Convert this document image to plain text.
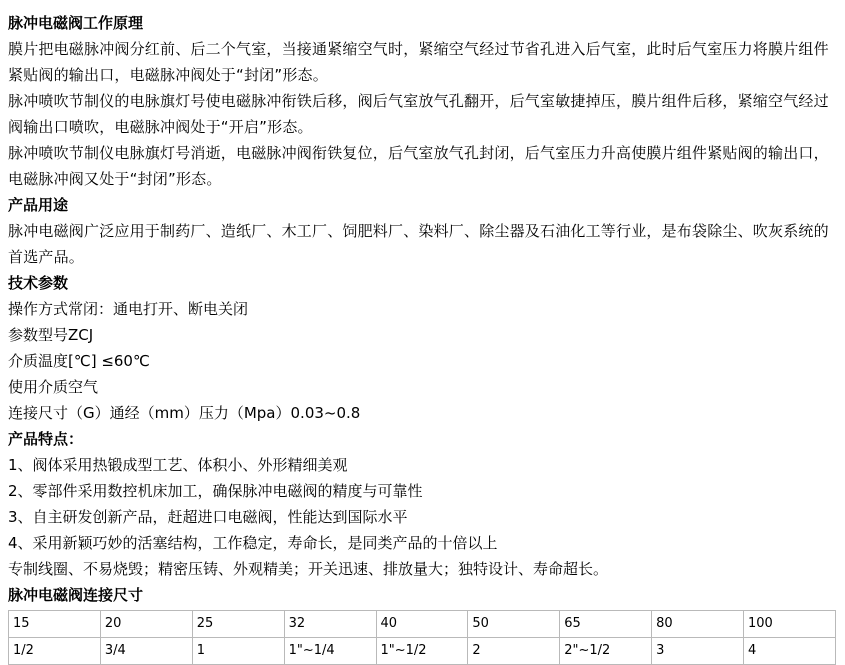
脉冲电磁阀工作原理

膜片把电磁脉冲阀分红前、后二个气室，当接通紧缩空气时，紧缩空气经过节省孔进入后气室，此时后气室压力将膜片组件紧贴阀的输出口，电磁脉冲阀处于“封闭”形态。

脉冲喷吹节制仪的电脉旗灯号使电磁脉冲衔铁后移，阀后气室放气孔翻开，后气室敏捷掉压，膜片组件后移，紧缩空气经过阀输出口喷吹，电磁脉冲阀处于“开启”形态。

脉冲喷吹节制仪电脉旗灯号消逝，电磁脉冲阀衔铁复位，后气室放气孔封闭，后气室压力升高使膜片组件紧贴阀的输出口，电磁脉冲阀又处于“封闭”形态。

产品用途

脉冲电磁阀广泛应用于制药厂、造纸厂、木工厂、饲肥料厂、染料厂、除尘器及石油化工等行业，是布袋除尘、吹灰系统的首选产品。

技术参数

操作方式常闭：通电打开、断电关闭

参数型号ZCJ

介质温度[℃] ≤60℃

使用介质空气

连接尺寸（G）通经（mm）压力（Mpa）0.03~0.8

产品特点：

1、阀体采用热锻成型工艺、体积小、外形精细美观

2、零部件采用数控机床加工，确保脉冲电磁阀的精度与可靠性

3、自主研发创新产品，赶超进口电磁阀，性能达到国际水平

4、采用新颖巧妙的活塞结构，工作稳定，寿命长，是同类产品的十倍以上

专制线圈、不易烧毁；精密压铸、外观精美；开关迅速、排放量大；独特设计、寿命超长。

脉冲电磁阀连接尺寸
15	20	25	32	40	50	65	80	100
1/2	3/4	1	1"~1/4	1"~1/2	2	2"~1/2	3	4
